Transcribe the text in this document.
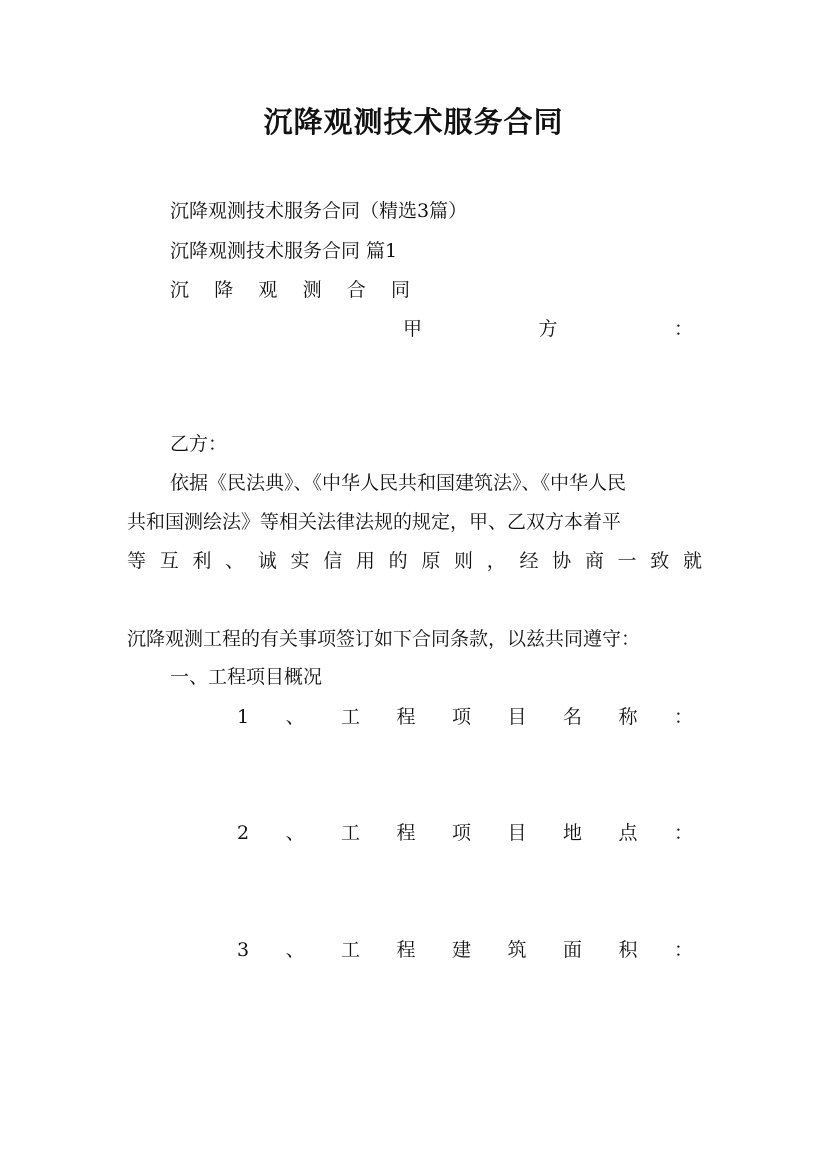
沉降观测技术服务合同
沉降观测技术服务合同（精选3篇）
沉降观测技术服务合同 篇1
沉 降 观 测 合 同
甲	方	：
乙方：
依据《民法典》、《中华人民共和国建筑法》、《中华人民
共和国测绘法》等相关法律法规的规定，甲、乙双方本着平
等 互 利 、 诚 实 信 用 的 原 则 ， 经 协 商 一 致 就
沉降观测工程的有关事项签订如下合同条款，以兹共同遵守：
一、工程项目概况
1 、 工 程 项 目 名 称 ：
2 、 工 程 项 目 地 点 ：
3 、 工 程 建 筑 面 积 ：
